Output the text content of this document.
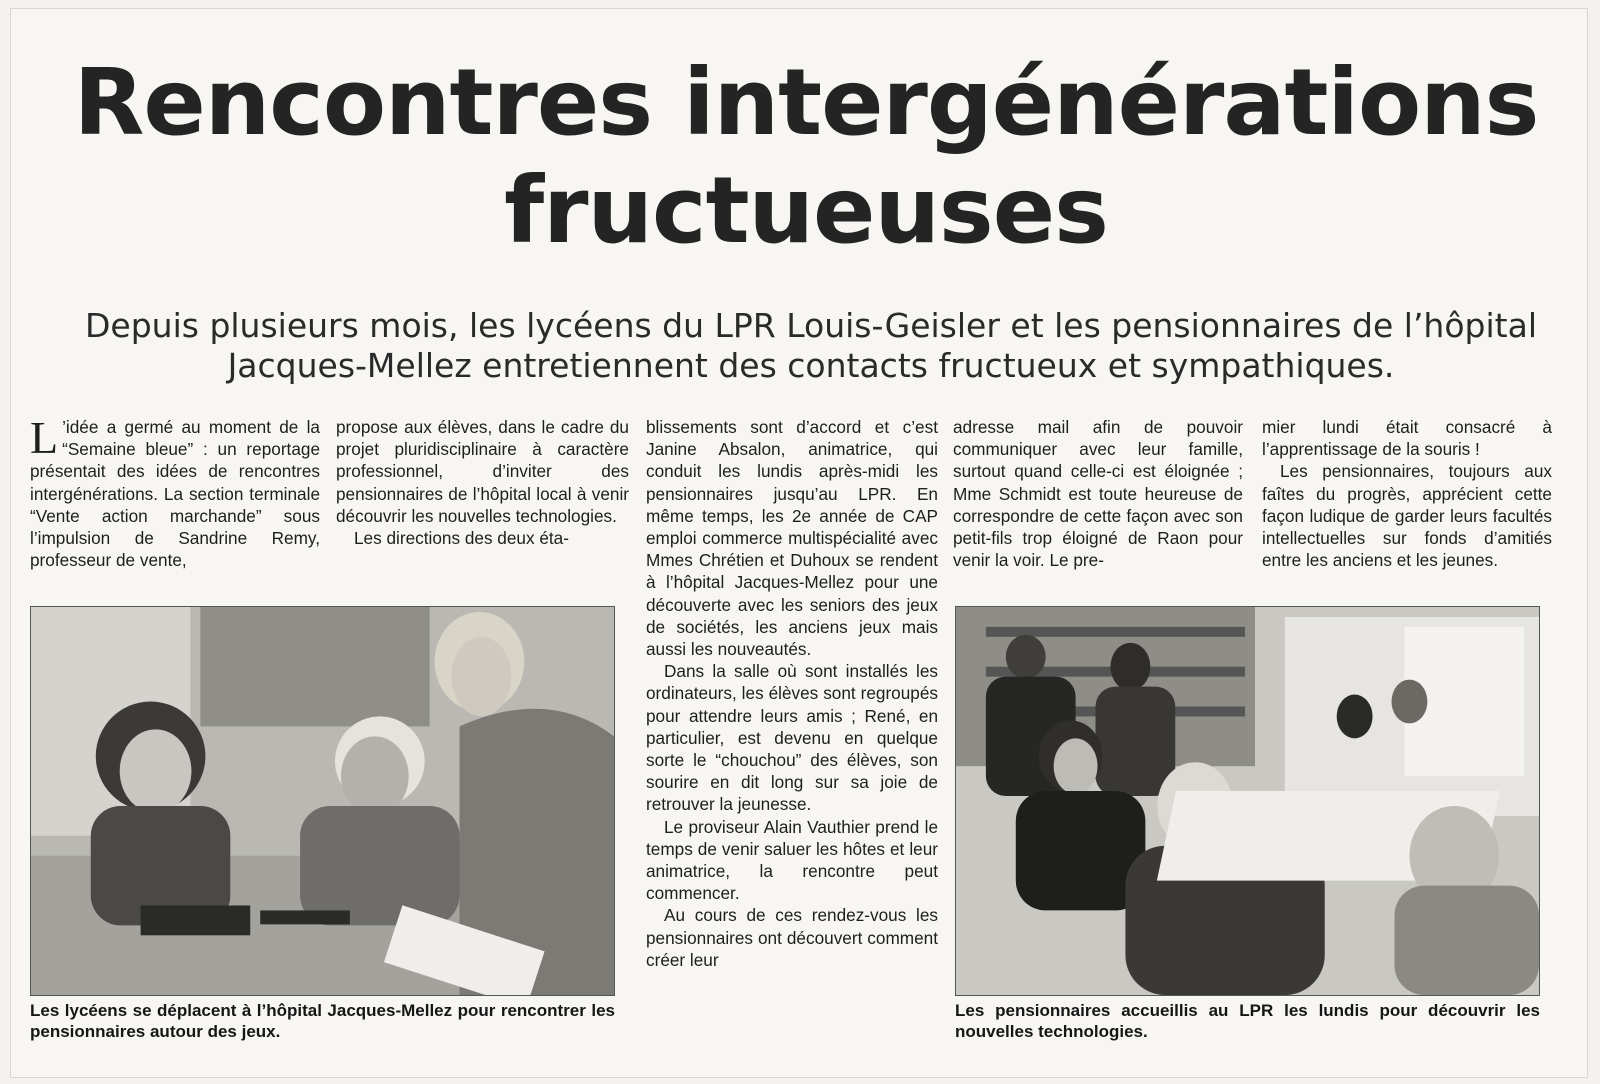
Rencontres intergénérations
fructueuses

Depuis plusieurs mois, les lycéens du LPR Louis-Geisler et les pensionnaires de l’hôpital Jacques-Mellez entretiennent des contacts fructueux et sympathiques.

L ’idée a germé au moment de la “Semaine bleue” : un reportage présentait des idées de rencontres intergénérations. La section terminale “Vente action marchande” sous l’impulsion de Sandrine Remy, professeur de vente,

propose aux élèves, dans le cadre du projet pluridisciplinaire à caractère professionnel, d’inviter des pensionnaires de l’hôpital local à venir découvrir les nouvelles technologies.

Les directions des deux éta-

blissements sont d’accord et c’est Janine Absalon, animatrice, qui conduit les lundis après-midi les pensionnaires jusqu’au LPR. En même temps, les 2e année de CAP emploi commerce multispécialité avec Mmes Chrétien et Duhoux se rendent à l’hôpital Jacques-Mellez pour une découverte avec les seniors des jeux de sociétés, les anciens jeux mais aussi les nouveautés.

Dans la salle où sont installés les ordinateurs, les élèves sont regroupés pour attendre leurs amis ; René, en particulier, est devenu en quelque sorte le “chouchou” des élèves, son sourire en dit long sur sa joie de retrouver la jeunesse.

Le proviseur Alain Vauthier prend le temps de venir saluer les hôtes et leur animatrice, la rencontre peut commencer.

Au cours de ces rendez-vous les pensionnaires ont découvert comment créer leur

adresse mail afin de pouvoir communiquer avec leur famille, surtout quand celle-ci est éloignée ; Mme Schmidt est toute heureuse de correspondre de cette façon avec son petit-fils trop éloigné de Raon pour venir la voir. Le pre-

mier lundi était consacré à l’apprentissage de la souris !

Les pensionnaires, toujours aux faîtes du progrès, apprécient cette façon ludique de garder leurs facultés intellectuelles sur fonds d’amitiés entre les anciens et les jeunes.

Les lycéens se déplacent à l’hôpital Jacques-Mellez pour rencontrer les pensionnaires autour des jeux.

Les pensionnaires accueillis au LPR les lundis pour découvrir les nouvelles technologies.
